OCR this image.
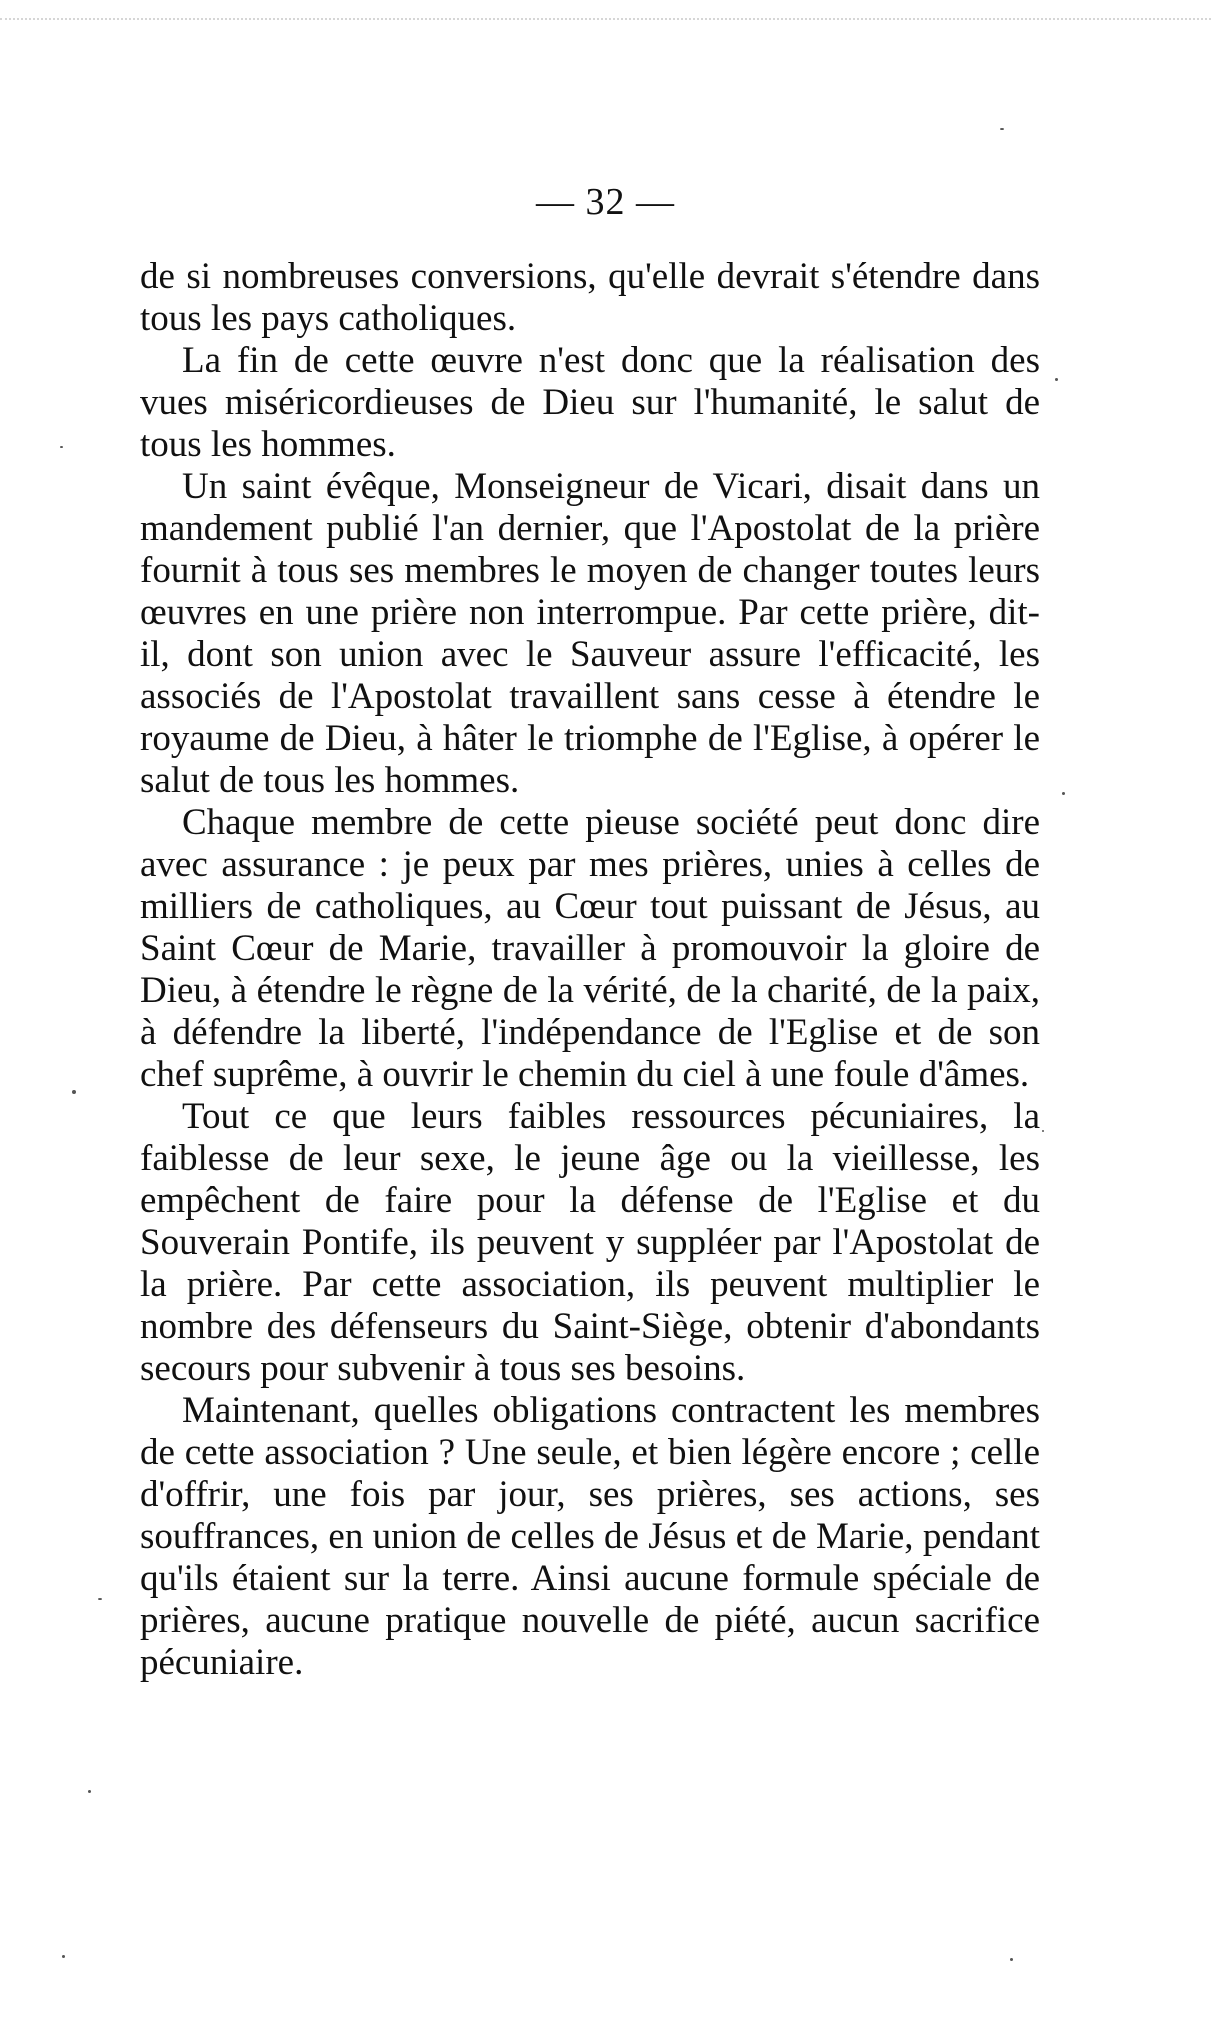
— 32 —

de si nombreuses conversions, qu'elle devrait s'étendre dans tous les pays catholiques.

La fin de cette œuvre n'est donc que la réalisation des vues miséricordieuses de Dieu sur l'humanité, le salut de tous les hommes.

Un saint évêque, Monseigneur de Vicari, disait dans un mandement publié l'an dernier, que l'Apostolat de la prière fournit à tous ses membres le moyen de changer toutes leurs œuvres en une prière non interrompue. Par cette prière, dit-il, dont son union avec le Sauveur assure l'efficacité, les associés de l'Apostolat travaillent sans cesse à étendre le royaume de Dieu, à hâter le triomphe de l'Eglise, à opérer le salut de tous les hommes.

Chaque membre de cette pieuse société peut donc dire avec assurance : je peux par mes prières, unies à celles de milliers de catholiques, au Cœur tout puissant de Jésus, au Saint Cœur de Marie, travailler à promouvoir la gloire de Dieu, à étendre le règne de la vérité, de la charité, de la paix, à défendre la liberté, l'indépendance de l'Eglise et de son chef suprême, à ouvrir le chemin du ciel à une foule d'âmes.

Tout ce que leurs faibles ressources pécuniaires, la faiblesse de leur sexe, le jeune âge ou la vieillesse, les empêchent de faire pour la défense de l'Eglise et du Souverain Pontife, ils peuvent y suppléer par l'Apostolat de la prière. Par cette association, ils peuvent multiplier le nombre des défenseurs du Saint-Siège, obtenir d'abondants secours pour subvenir à tous ses besoins.

Maintenant, quelles obligations contractent les membres de cette association ? Une seule, et bien légère encore ; celle d'offrir, une fois par jour, ses prières, ses actions, ses souffrances, en union de celles de Jésus et de Marie, pendant qu'ils étaient sur la terre. Ainsi aucune formule spéciale de prières, aucune pratique nouvelle de piété, aucun sacrifice pécuniaire.
